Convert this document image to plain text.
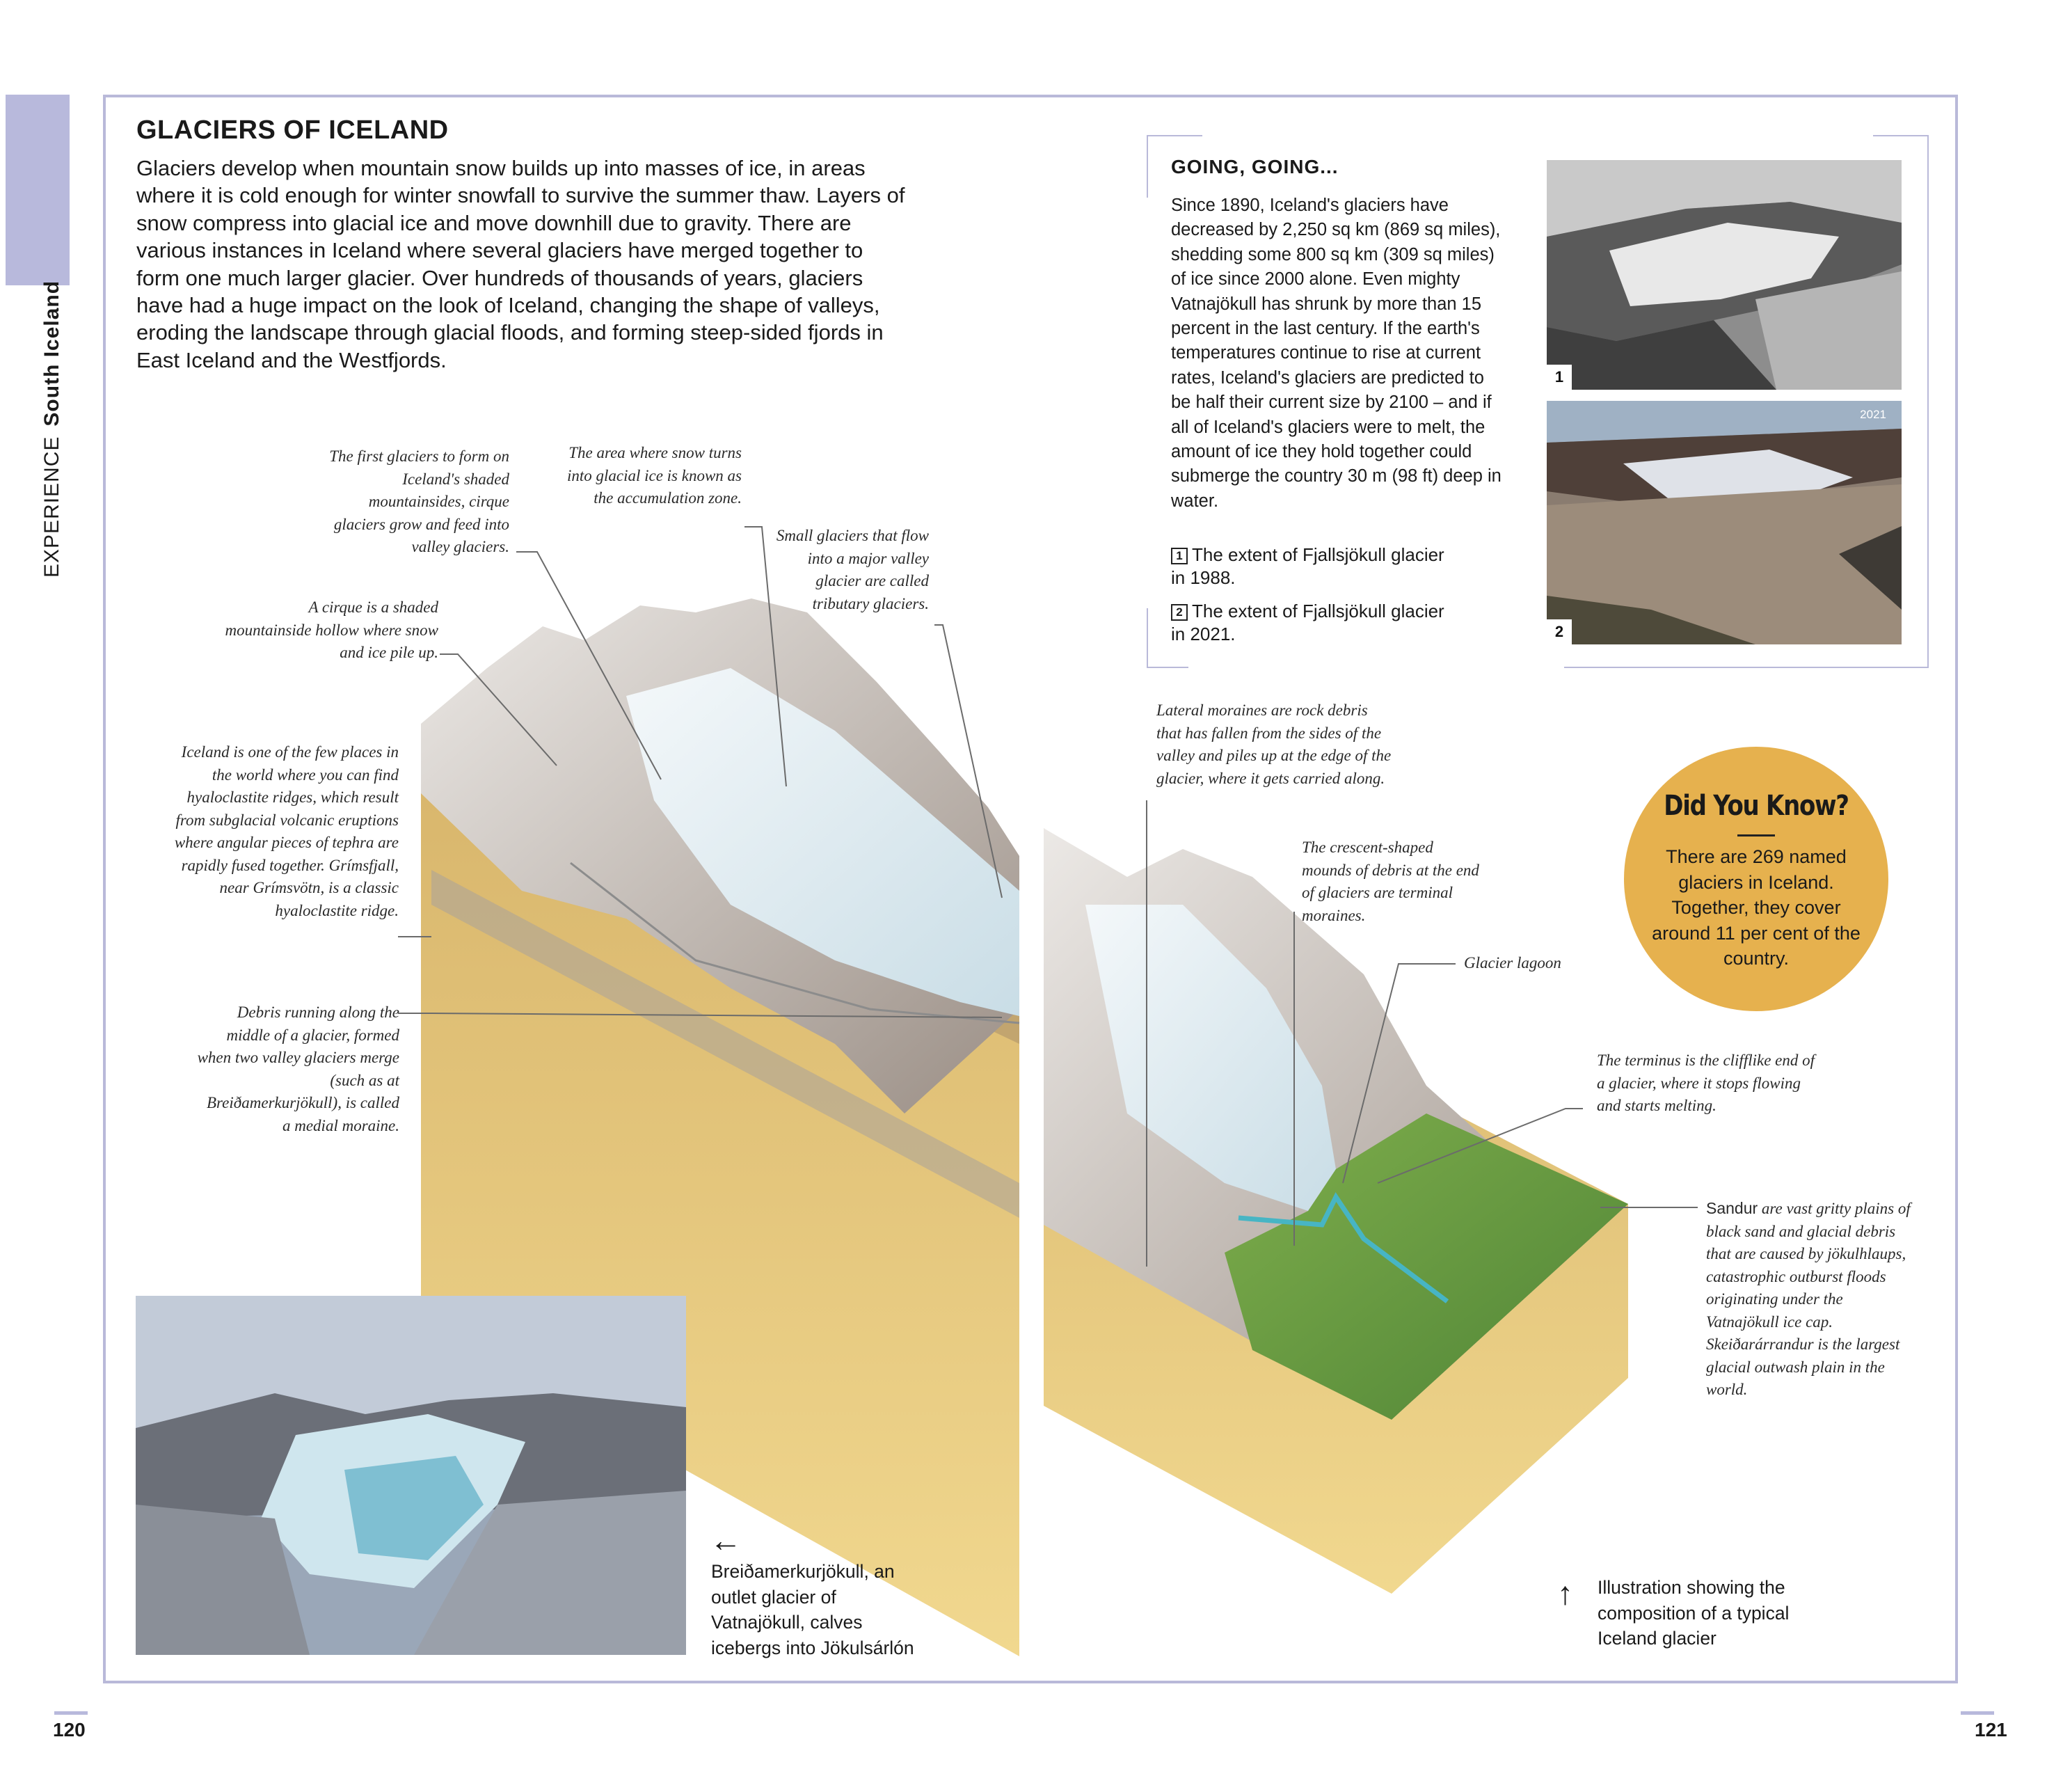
EXPERIENCESouth Iceland
GLACIERS OF ICELAND
Glaciers develop when mountain snow builds up into masses of ice, in areas where it is cold enough for winter snowfall to survive the summer thaw. Layers of snow compress into glacial ice and move downhill due to gravity. There are various instances in Iceland where several glaciers have merged together to form one much larger glacier. Over hundreds of thousands of years, glaciers have had a huge impact on the look of Iceland, changing the shape of valleys, eroding the landscape through glacial floods, and forming steep-sided fjords in East Iceland and the Westfjords.
The first glaciers to form on Iceland's shaded mountainsides, cirque glaciers grow and feed into valley glaciers.
The area where snow turns into glacial ice is known as the accumulation zone.
Small glaciers that flow into a major valley glacier are called tributary glaciers.
A cirque is a shaded mountainside hollow where snow and ice pile up.
Iceland is one of the few places in the world where you can find hyaloclastite ridges, which result from subglacial volcanic eruptions where angular pieces of tephra are rapidly fused together. Grímsfjall, near Grímsvötn, is a classic hyaloclastite ridge.
Debris running along the middle of a glacier, formed when two valley glaciers merge (such as at Breiðamerkurjökull), is called a medial moraine.
Lateral moraines are rock debris that has fallen from the sides of the valley and piles up at the edge of the glacier, where it gets carried along.
The crescent-shaped mounds of debris at the end of glaciers are terminal moraines.
Glacier lagoon
The terminus is the clifflike end of a glacier, where it stops flowing and starts melting.
Sandur are vast gritty plains of black sand and glacial debris that are caused by jökulhlaups, catastrophic outburst floods originating under the Vatnajökull ice cap. Skeiðarárrandur is the largest glacial outwash plain in the world.
GOING, GOING...
Since 1890, Iceland's glaciers have decreased by 2,250 sq km (869 sq miles), shedding some 800 sq km (309 sq miles) of ice since 2000 alone. Even mighty Vatnajökull has shrunk by more than 15 percent in the last century. If the earth's temperatures continue to rise at current rates, Iceland's glaciers are predicted to be half their current size by 2100 – and if all of Iceland's glaciers were to melt, the amount of ice they hold together could submerge the country 30 m (98 ft) deep in water.
1 The extent of Fjallsjökull glacier in 1988.
2 The extent of Fjallsjökull glacier in 2021.
1
2021
2
Did You Know?
There are 269 named glaciers in Iceland. Together, they cover around 11 per cent of the country.
←
Breiðamerkurjökull, an outlet glacier of Vatnajökull, calves icebergs into Jökulsárlón
↑ Illustration showing the composition of a typical Iceland glacier
120	121
